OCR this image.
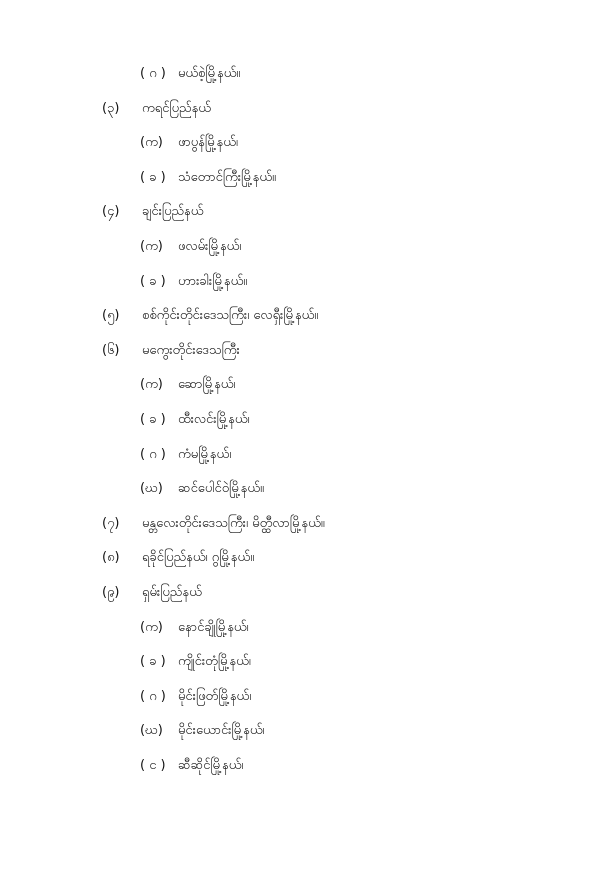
( ဂ ) မယ်စဲ့မြို့နယ်။
(၃) ကရင်ပြည်နယ်
(က) ဖာပွန်မြို့နယ်၊
( ခ ) သံတောင်ကြီးမြို့နယ်။
(၄) ချင်းပြည်နယ်
(က) ဖလမ်းမြို့နယ်၊
( ခ ) ဟားခါးမြို့နယ်။
(၅) စစ်ကိုင်းတိုင်းဒေသကြီး၊ လေရှီးမြို့နယ်။
(၆) မကွေးတိုင်းဒေသကြီး
(က) ဆောမြို့နယ်၊
( ခ ) ထီးလင်းမြို့နယ်၊
( ဂ ) ကံမမြို့နယ်၊
(ဃ) ဆင်ပေါင်ဝဲမြို့နယ်။
(၇) မန္တလေးတိုင်းဒေသကြီး၊ မိတ္ထီလာမြို့နယ်။
(၈) ရခိုင်ပြည်နယ်၊ ဂွမြို့နယ်။
(၉) ရှမ်းပြည်နယ်
(က) နောင်ချိုမြို့နယ်၊
( ခ ) ကျိုင်းတုံမြို့နယ်၊
( ဂ ) မိုင်းဖြတ်မြို့နယ်၊
(ဃ) မိုင်းယောင်းမြို့နယ်၊
( င ) ဆီဆိုင်မြို့နယ်၊
